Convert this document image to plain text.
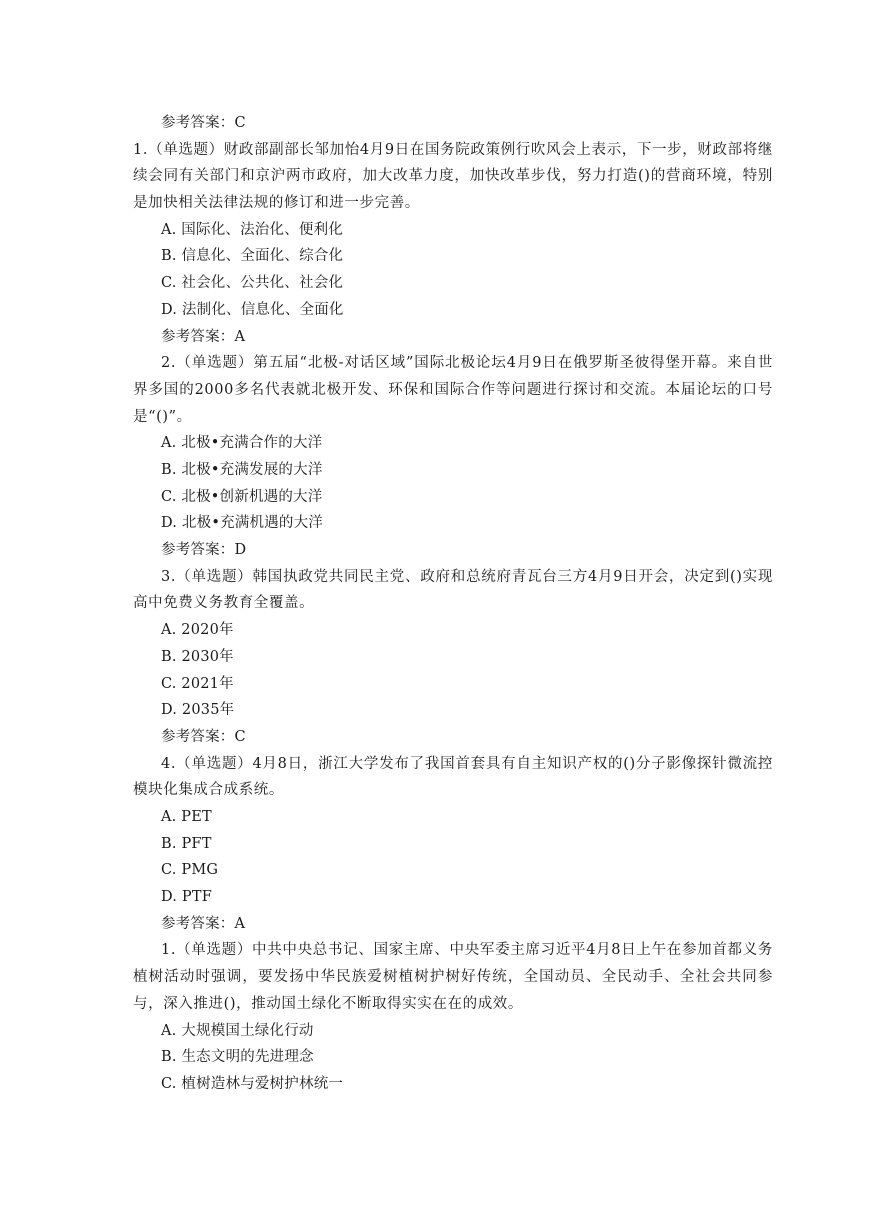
参考答案：C
1.（单选题）财政部副部长邹加怡4月9日在国务院政策例行吹风会上表示，下一步，财政部将继续会同有关部门和京沪两市政府，加大改革力度，加快改革步伐，努力打造()的营商环境，特别是加快相关法律法规的修订和进一步完善。
A. 国际化、法治化、便利化
B. 信息化、全面化、综合化
C. 社会化、公共化、社会化
D. 法制化、信息化、全面化
参考答案：A
2.（单选题）第五届“北极-对话区域”国际北极论坛4月9日在俄罗斯圣彼得堡开幕。来自世界多国的2000多名代表就北极开发、环保和国际合作等问题进行探讨和交流。本届论坛的口号是“()”。
A. 北极•充满合作的大洋
B. 北极•充满发展的大洋
C. 北极•创新机遇的大洋
D. 北极•充满机遇的大洋
参考答案：D
3.（单选题）韩国执政党共同民主党、政府和总统府青瓦台三方4月9日开会，决定到()实现高中免费义务教育全覆盖。
A. 2020年
B. 2030年
C. 2021年
D. 2035年
参考答案：C
4.（单选题）4月8日，浙江大学发布了我国首套具有自主知识产权的()分子影像探针微流控模块化集成合成系统。
A. PET
B. PFT
C. PMG
D. PTF
参考答案：A
1.（单选题）中共中央总书记、国家主席、中央军委主席习近平4月8日上午在参加首都义务植树活动时强调，要发扬中华民族爱树植树护树好传统，全国动员、全民动手、全社会共同参与，深入推进()，推动国土绿化不断取得实实在在的成效。
A. 大规模国土绿化行动
B. 生态文明的先进理念
C. 植树造林与爱树护林统一
